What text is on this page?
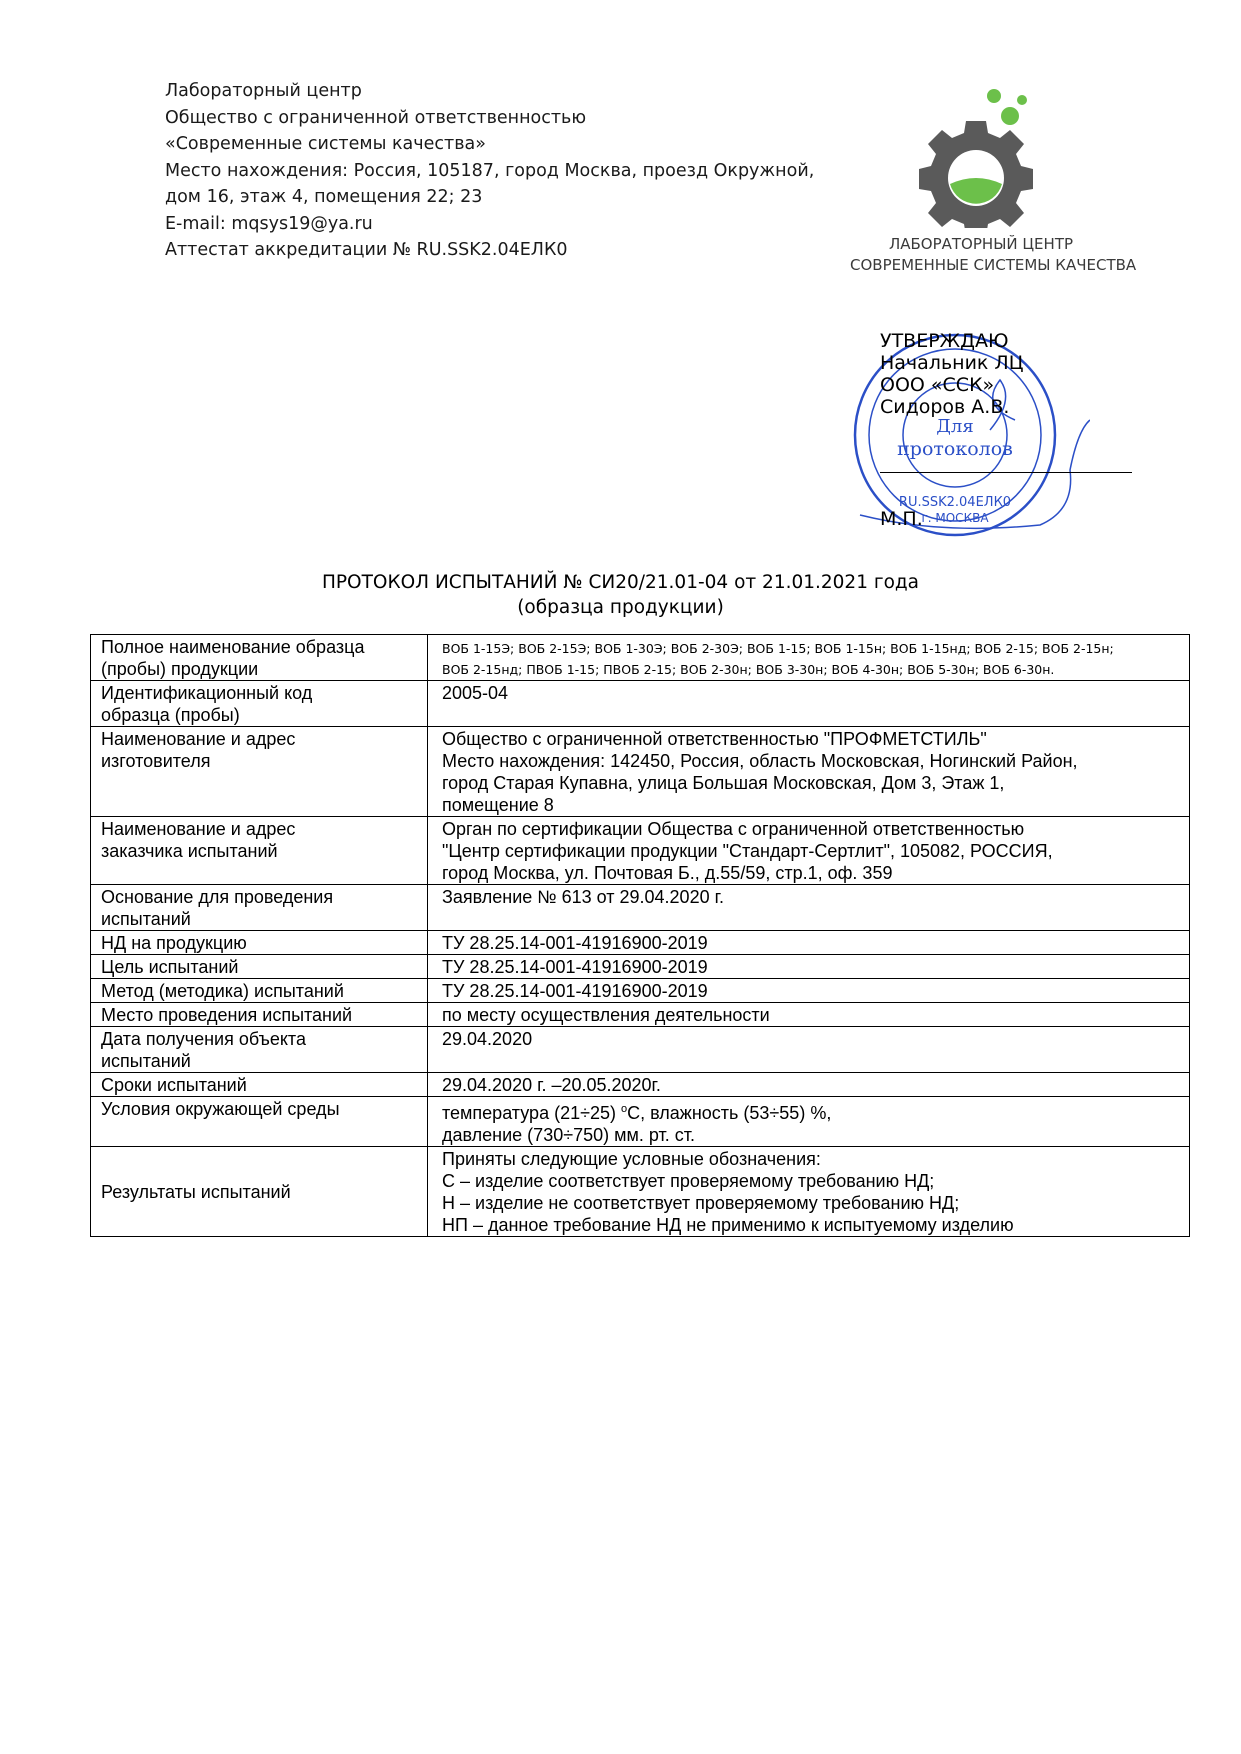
Лабораторный центр
Общество с ограниченной ответственностью
«Современные системы качества»
Место нахождения: Россия, 105187, город Москва, проезд Окружной,
дом 16, этаж 4, помещения 22; 23
E-mail: mqsys19@ya.ru
Аттестат аккредитации № RU.SSK2.04ЕЛК0	ЛАБОРАТОРНЫЙ ЦЕНТР
СОВРЕМЕННЫЕ СИСТЕМЫ КАЧЕСТВА
Для
протоколов
RU.SSK2.04ЕЛК0
г. МОСКВА
УТВЕРЖДАЮ
Начальник ЛЦ
ООО «ССК»
Сидоров А.В.
М.П.
ПРОТОКОЛ ИСПЫТАНИЙ № СИ20/21.01-04 от 21.01.2021 года
(образца продукции)
Полное наименование образца
(пробы) продукции	ВОБ 1-15Э; ВОБ 2-15Э; ВОБ 1-30Э; ВОБ 2-30Э; ВОБ 1-15; ВОБ 1-15н; ВОБ 1-15нд; ВОБ 2-15; ВОБ 2-15н;
ВОБ 2-15нд; ПВОБ 1-15; ПВОБ 2-15; ВОБ 2-30н; ВОБ 3-30н; ВОБ 4-30н; ВОБ 5-30н; ВОБ 6-30н.
Идентификационный код
образца (пробы)	2005-04
Наименование и адрес
изготовителя	Общество с ограниченной ответственностью "ПРОФМЕТСТИЛЬ"
Место нахождения: 142450, Россия, область Московская, Ногинский Район,
город Старая Купавна, улица Большая Московская, Дом 3, Этаж 1,
помещение 8
Наименование и адрес
заказчика испытаний	Орган по сертификации Общества с ограниченной ответственностью
"Центр сертификации продукции "Стандарт-Сертлит", 105082, РОССИЯ,
город Москва, ул. Почтовая Б., д.55/59, стр.1, оф. 359
Основание для проведения
испытаний	Заявление № 613 от 29.04.2020 г.
НД на продукцию	ТУ 28.25.14-001-41916900-2019
Цель испытаний	ТУ 28.25.14-001-41916900-2019
Метод (методика) испытаний	ТУ 28.25.14-001-41916900-2019
Место проведения испытаний	по месту осуществления деятельности
Дата получения объекта
испытаний	29.04.2020
Сроки испытаний	29.04.2020 г. –20.05.2020г.
Условия окружающей среды	температура (21÷25) $^o$С, влажность (53÷55) %,
давление (730÷750) мм. рт. ст.
Результаты испытаний	Приняты следующие условные обозначения:
С – изделие соответствует проверяемому требованию НД;
Н – изделие не соответствует проверяемому требованию НД;
НП – данное требование НД не применимо к испытуемому изделию
